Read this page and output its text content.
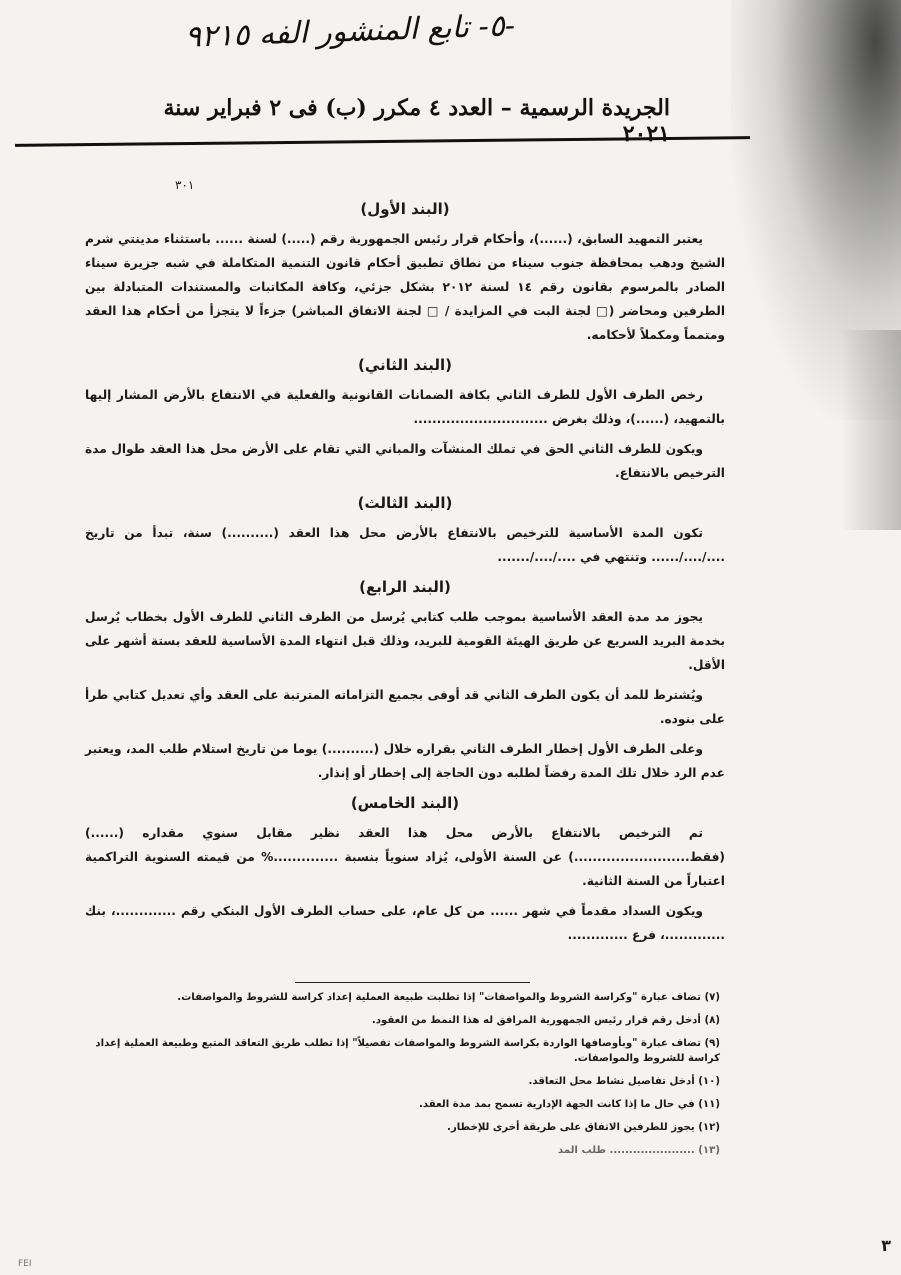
-٥- تابع المنشور الفه ٩٢١٥
الجريدة الرسمية – العدد ٤ مكرر (ب) فى ٢ فبراير سنة ٢٠٢١
٣٠١
(البند الأول)

يعتبر التمهيد السابق، (......)، وأحكام قرار رئيس الجمهورية رقم (.....) لسنة ...... باستثناء مدينتي شرم الشيخ ودهب بمحافظة جنوب سيناء من نطاق تطبيق أحكام قانون التنمية المتكاملة في شبه جزيرة سيناء الصادر بالمرسوم بقانون رقم ١٤ لسنة ٢٠١٢ بشكل جزئي، وكافة المكاتبات والمستندات المتبادلة بين الطرفين ومحاضر (□ لجنة البت في المزايدة / □ لجنة الاتفاق المباشر) جزءاً لا يتجزأ من أحكام هذا العقد ومتمماً ومكملاً لأحكامه.

(البند الثاني)

رخص الطرف الأول للطرف الثاني بكافة الضمانات القانونية والفعلية في الانتفاع بالأرض المشار إليها بالتمهيد، (......)، وذلك بغرض .............................

ويكون للطرف الثاني الحق في تملك المنشآت والمباني التي تقام على الأرض محل هذا العقد طوال مدة الترخيص بالانتفاع.

(البند الثالث)

تكون المدة الأساسية للترخيص بالانتفاع بالأرض محل هذا العقد (..........) سنة، تبدأ من تاريخ ..../..../...... وتنتهي في ..../..../.......

(البند الرابع)

يجوز مد مدة العقد الأساسية بموجب طلب كتابي يُرسل من الطرف الثاني للطرف الأول بخطاب يُرسل بخدمة البريد السريع عن طريق الهيئة القومية للبريد، وذلك قبل انتهاء المدة الأساسية للعقد بستة أشهر على الأقل.

ويُشترط للمد أن يكون الطرف الثاني قد أوفى بجميع التزاماته المترتبة على العقد وأي تعديل كتابي طرأ على بنوده.

وعلى الطرف الأول إخطار الطرف الثاني بقراره خلال (..........) يوما من تاريخ استلام طلب المد، ويعتبر عدم الرد خلال تلك المدة رفضاً لطلبه دون الحاجة إلى إخطار أو إنذار.

(البند الخامس)

تم الترخيص بالانتفاع بالأرض محل هذا العقد نظير مقابل سنوي مقداره (......) (فقط.........................) عن السنة الأولى، يُزاد سنوياً بنسبة ..............% من قيمته السنوية التراكمية اعتباراً من السنة الثانية.

ويكون السداد مقدماً في شهر ...... من كل عام، على حساب الطرف الأول البنكي رقم .............، بنك .............، فرع .............

(٧) تضاف عبارة "وكراسة الشروط والمواصفات" إذا تطلبت طبيعة العملية إعداد كراسة للشروط والمواصفات.

(٨) أدخل رقم قرار رئيس الجمهورية المرافق له هذا النمط من العقود.

(٩) تضاف عبارة "وبأوصافها الواردة بكراسة الشروط والمواصفات تفصيلاً" إذا تطلب طريق التعاقد المتبع وطبيعة العملية إعداد كراسة للشروط والمواصفات.

(١٠) أدخل تفاصيل نشاط محل التعاقد.

(١١) في حال ما إذا كانت الجهة الإدارية تسمح بمد مدة العقد.

(١٢) يجوز للطرفين الاتفاق على طريقة أخرى للإخطار.

(١٣) ...................... طلب المد

FEI
٣
